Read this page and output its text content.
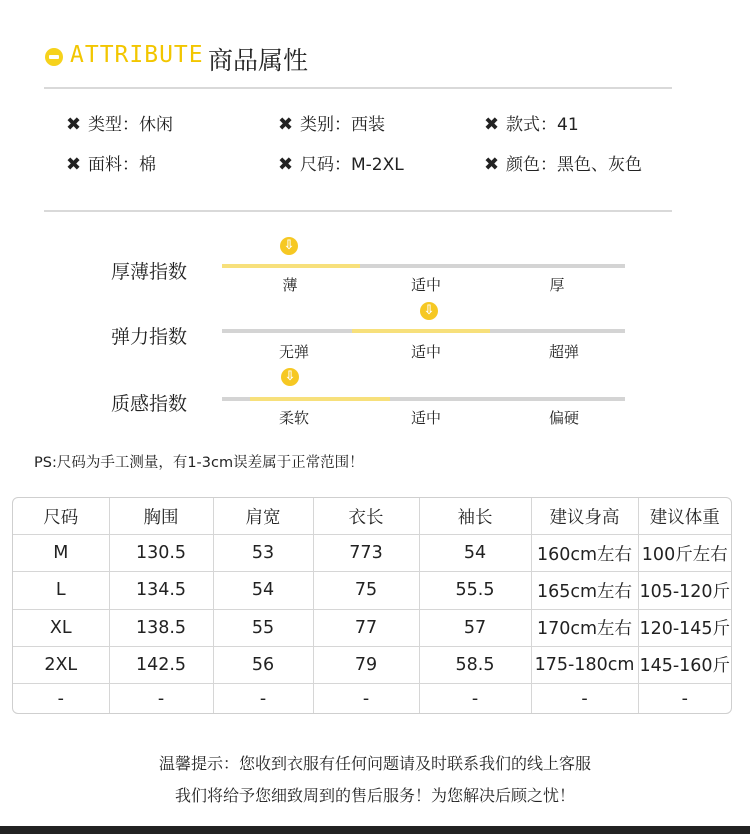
ATTRIBUTE 商品属性
✖ 类型：休闲	✖ 类别：西装	✖ 款式：41
✖ 面料：棉	✖ 尺码：M-2XL	✖ 颜色：黑色、灰色
厚薄指数
⇩
薄	适中	厚
弹力指数
⇩
无弹	适中	超弹
质感指数
⇩
柔软	适中	偏硬
PS:尺码为手工测量，有1-3cm误差属于正常范围！
尺码	胸围	肩宽	衣长	袖长	建议身高	建议体重
M	130.5	53	773	54	160cm左右	100斤左右
L	134.5	54	75	55.5	165cm左右	105-120斤
XL	138.5	55	77	57	170cm左右	120-145斤
2XL	142.5	56	79	58.5	175-180cm	145-160斤
-	-	-	-	-	-	-
温馨提示：您收到衣服有任何问题请及时联系我们的线上客服
我们将给予您细致周到的售后服务！为您解决后顾之忧！
